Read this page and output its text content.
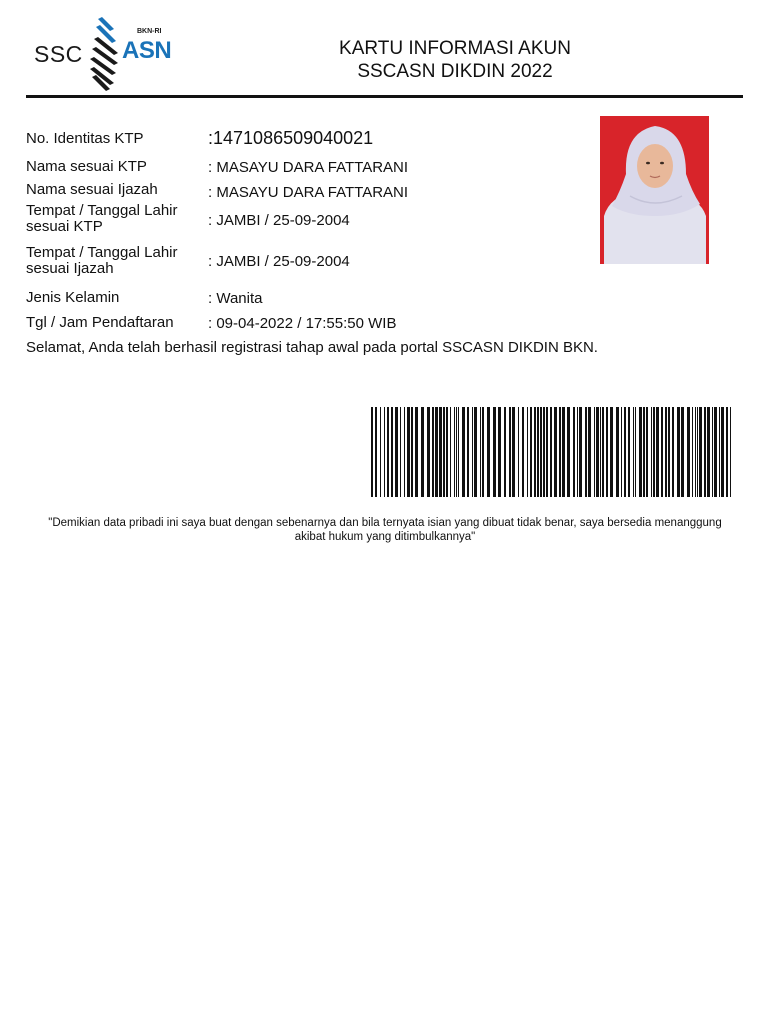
SSC
BKN-RI
ASN	KARTU INFORMASI AKUN
SSCASN DIKDIN 2022
No. Identitas KTP	:1471086509040021
Nama sesuai KTP	: MASAYU DARA FATTARANI
Nama sesuai Ijazah	: MASAYU DARA FATTARANI
Tempat / Tanggal Lahir
sesuai KTP	: JAMBI / 25-09-2004
Tempat / Tanggal Lahir
sesuai Ijazah	: JAMBI / 25-09-2004
Jenis Kelamin	: Wanita
Tgl / Jam Pendaftaran : 09-04-2022 / 17:55:50 WIB
Selamat, Anda telah berhasil registrasi tahap awal pada portal SSCASN DIKDIN BKN.
"Demikian data pribadi ini saya buat dengan sebenarnya dan bila ternyata isian yang dibuat tidak benar, saya bersedia menanggung akibat hukum yang ditimbulkannya"
